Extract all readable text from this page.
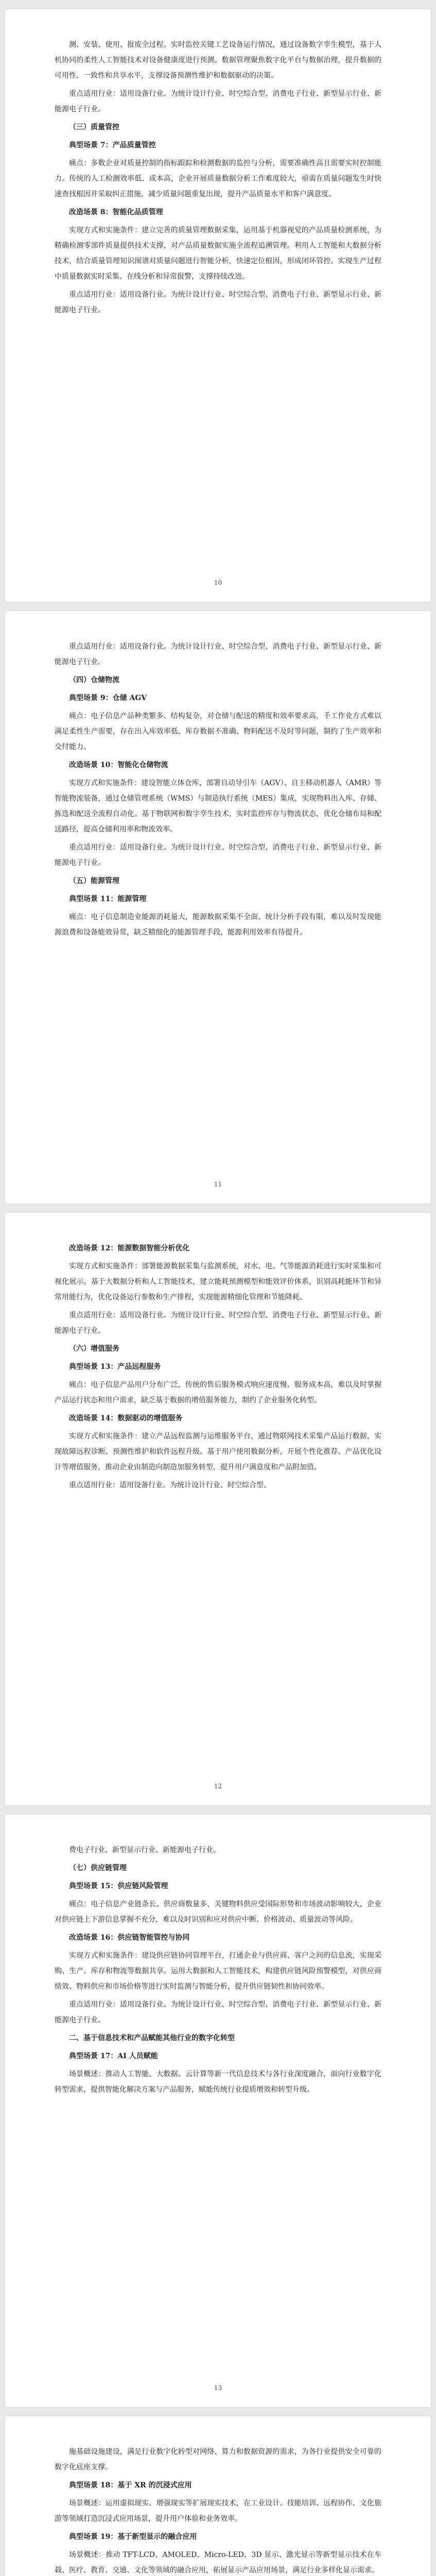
测、安装、使用、报废全过程。实时监控关键工艺设备运行情况，通过设备数字孪生模型，基于人机协同的柔性人工智能技术对设备健康度进行预测。数据管理聚焦数字化平台与数据治理，提升数据的可用性、一致性和共享水平，支撑设备预测性维护和数据驱动的决策。
重点适用行业：适用设备行业。为统计设计行业、时空综合型、消费电子行业、新型显示行业、新能源电子行业。
（三）质量管控
典型场景 7：产品质量管控
痛点：多数企业对质量控制的指标跟踪和检测数据的监控与分析，需要准确性高且需要实时控制能力。传统的人工检测效率低、成本高，企业开展质量数据分析工作难度较大，亟需在质量问题发生时快速查找根因并采取纠正措施，减少质量问题重复出现，提升产品质量水平和客户满意度。
改造场景 8：智能化品质管理
实现方式和实施条件：建立完善的质量管理数据采集，运用基于机器视觉的产品质量检测系统，为精确检测零部件质量提供技术支撑，对产品质量数据实施全流程追溯管理。利用人工智能和大数据分析技术，结合质量管理知识图谱对质量问题进行智能分析，快速定位根因，形成闭环管控。实现生产过程中质量数据实时采集、在线分析和异常报警，支撑持续改进。
重点适用行业：适用设备行业。为统计设计行业、时空综合型、消费电子行业、新型显示行业、新能源电子行业。
10
重点适用行业：适用设备行业。为统计设计行业、时空综合型、消费电子行业、新型显示行业、新能源电子行业。
（四）仓储物流
典型场景 9：仓储 AGV
痛点：电子信息产品种类繁多、结构复杂，对仓储与配送的精度和效率要求高，手工作业方式难以满足柔性生产需要，存在出入库效率低、库存数据不准确、物料配送不及时等问题，制约了生产效率和交付能力。
改造场景 10：智能化仓储物流
实现方式和实施条件：建设智能立体仓库，部署自动导引车（AGV）、自主移动机器人（AMR）等智能物流装备，通过仓储管理系统（WMS）与制造执行系统（MES）集成，实现物料出入库、存储、拣选和配送全流程自动化。基于物联网和数字孪生技术，实时监控库存与物流状态，优化仓储布局和配送路径，提高仓储利用率和物流效率。
重点适用行业：适用设备行业。为统计设计行业、时空综合型、消费电子行业、新型显示行业、新能源电子行业。
（五）能源管理
典型场景 11：能源管理
痛点：电子信息制造业能源消耗量大，能源数据采集不全面、统计分析手段有限，难以及时发现能源浪费和设备能效异常，缺乏精细化的能源管理手段，能源利用效率有待提升。
11
改造场景 12：能源数据智能分析优化
实现方式和实施条件：部署能源数据采集与监测系统，对水、电、气等能源消耗进行实时采集和可视化展示。基于大数据分析和人工智能技术，建立能耗预测模型和能效评价体系，识别高耗能环节和异常用能行为，优化设备运行参数和生产排程，实现能源精细化管理和节能降耗。
重点适用行业：适用设备行业。为统计设计行业、时空综合型、消费电子行业、新型显示行业、新能源电子行业。
（六）增值服务
典型场景 13：产品远程服务
痛点：电子信息产品用户分布广泛，传统的售后服务模式响应速度慢、服务成本高，难以及时掌握产品运行状态和用户需求，缺乏基于数据的增值服务能力，制约了企业服务化转型。
改造场景 14：数据驱动的增值服务
实现方式和实施条件：建立产品远程监测与运维服务平台，通过物联网技术采集产品运行数据，实现故障远程诊断、预测性维护和软件远程升级。基于用户使用数据分析，开展个性化推荐、产品优化设计等增值服务，推动企业由制造向制造加服务转型，提升用户满意度和产品附加值。
重点适用行业：适用设备行业。为统计设计行业、时空综合型、
12
费电子行业、新型显示行业、新能源电子行业。
（七）供应链管理
典型场景 15：供应链风险管理
痛点：电子信息产业链条长、供应商数量多，关键物料供应受国际形势和市场波动影响较大，企业对供应链上下游信息掌握不充分，难以及时识别和应对供应中断、价格波动、质量波动等风险。
改造场景 16：供应链智能管控与协同
实现方式和实施条件：建设供应链协同管理平台，打通企业与供应商、客户之间的信息流，实现采购、生产、库存和物流等数据共享。运用大数据和人工智能技术，构建供应链风险预警模型，对供应商绩效、物料供应和市场价格等进行实时监测与智能分析，提升供应链韧性和协同效率。
重点适用行业：适用设备行业。为统计设计行业、时空综合型、消费电子行业、新型显示行业、新能源电子行业。
二、基于信息技术和产品赋能其他行业的数字化转型
典型场景 17：AI 人员赋能
场景概述：推动人工智能、大数据、云计算等新一代信息技术与各行业深度融合，面向行业数字化转型需求，提供智能化解决方案与产品服务，赋能传统行业提质增效和转型升级。
13
施基础设施建设，满足行业数字化转型对网络、算力和数据资源的需求，为各行业提供安全可靠的数字化底座支撑。
典型场景 18：基于 XR 的沉浸式应用
场景概述：运用虚拟现实、增强现实等扩展现实技术，在工业设计、技能培训、远程协作、文化旅游等领域打造沉浸式应用场景，提升用户体验和业务效率。
典型场景 19：基于新型显示的融合应用
场景概述：推动 TFT-LCD、AMOLED、Micro-LED、3D 显示、激光显示等新型显示技术在车载、医疗、教育、交通、文化等领域的融合应用，拓展显示产品应用场景，满足行业多样化显示需求。
